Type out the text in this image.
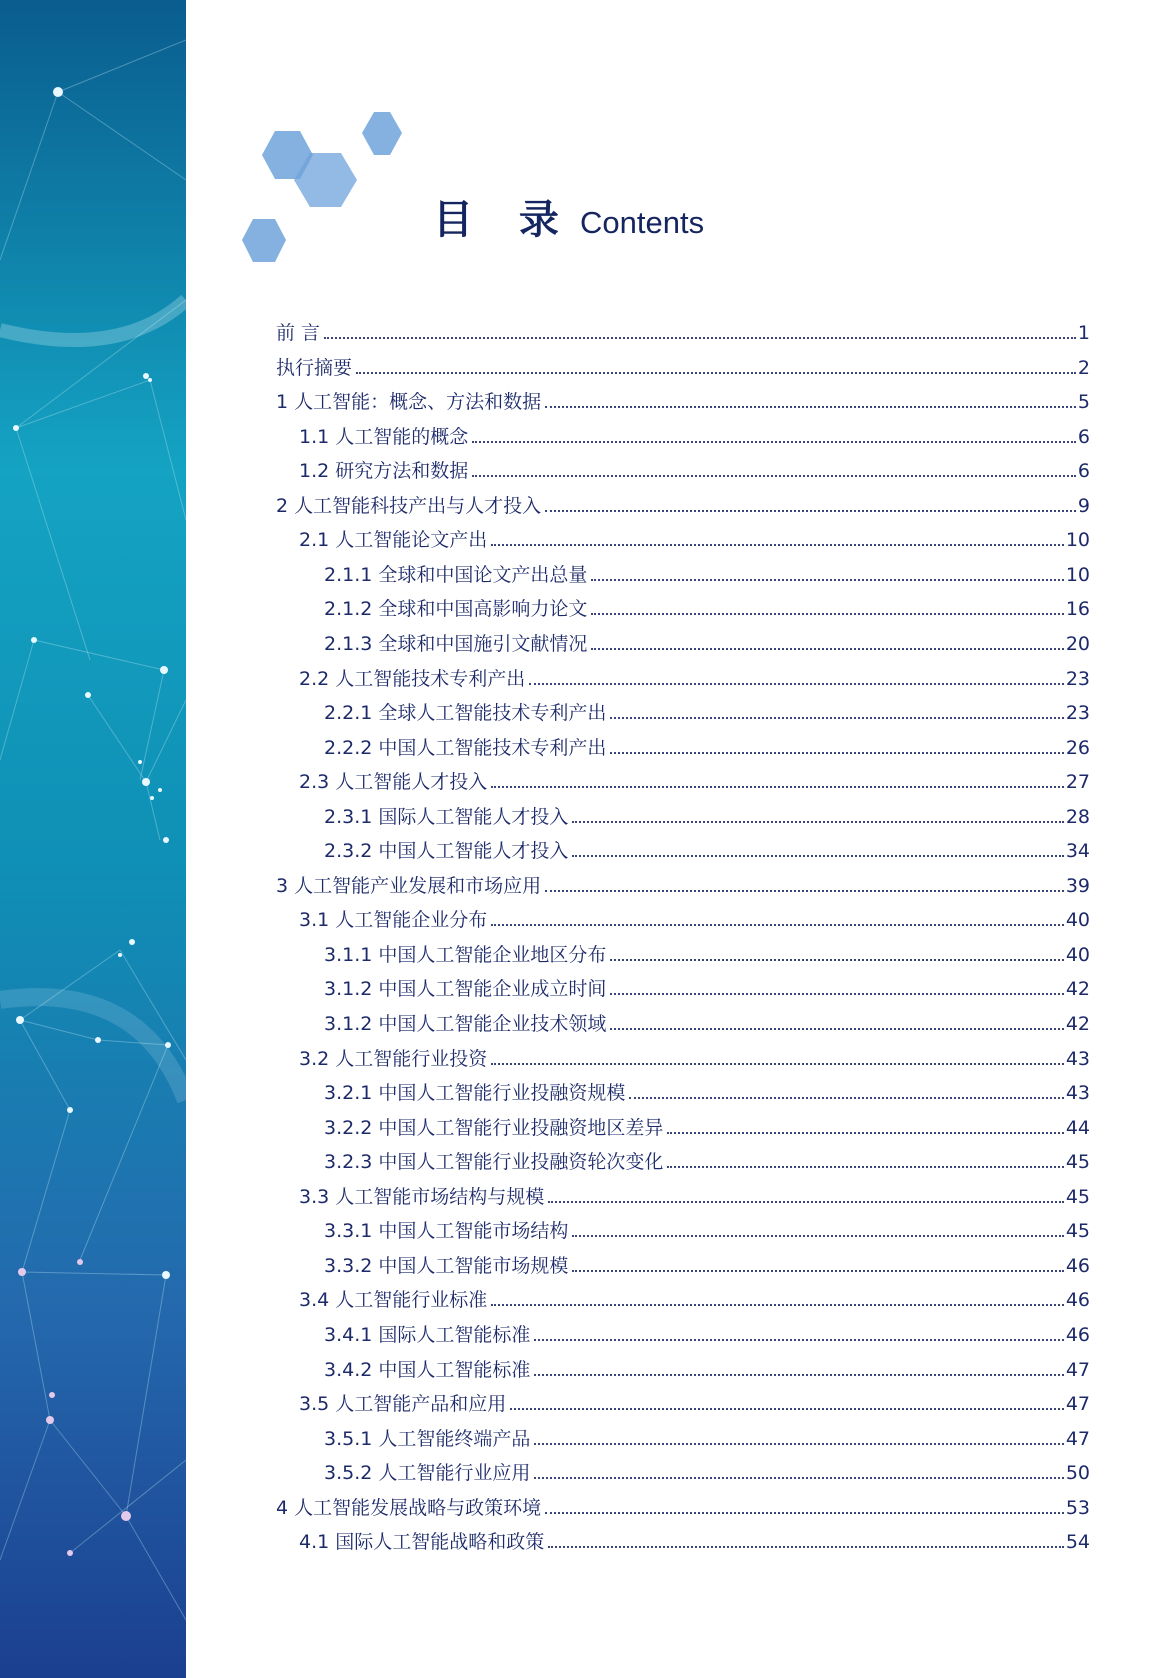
目 录 Contents
前 言	1
执行摘要	2
1 人工智能：概念、方法和数据	5
1.1 人工智能的概念	6
1.2 研究方法和数据	6
2 人工智能科技产出与人才投入	9
2.1 人工智能论文产出	10
2.1.1 全球和中国论文产出总量	10
2.1.2 全球和中国高影响力论文	16
2.1.3 全球和中国施引文献情况	20
2.2 人工智能技术专利产出	23
2.2.1 全球人工智能技术专利产出	23
2.2.2 中国人工智能技术专利产出	26
2.3 人工智能人才投入	27
2.3.1 国际人工智能人才投入	28
2.3.2 中国人工智能人才投入	34
3 人工智能产业发展和市场应用	39
3.1 人工智能企业分布	40
3.1.1 中国人工智能企业地区分布	40
3.1.2 中国人工智能企业成立时间	42
3.1.2 中国人工智能企业技术领域	42
3.2 人工智能行业投资	43
3.2.1 中国人工智能行业投融资规模	43
3.2.2 中国人工智能行业投融资地区差异	44
3.2.3 中国人工智能行业投融资轮次变化	45
3.3 人工智能市场结构与规模	45
3.3.1 中国人工智能市场结构	45
3.3.2 中国人工智能市场规模	46
3.4 人工智能行业标准	46
3.4.1 国际人工智能标准	46
3.4.2 中国人工智能标准	47
3.5 人工智能产品和应用	47
3.5.1 人工智能终端产品	47
3.5.2 人工智能行业应用	50
4 人工智能发展战略与政策环境	53
4.1 国际人工智能战略和政策	54
